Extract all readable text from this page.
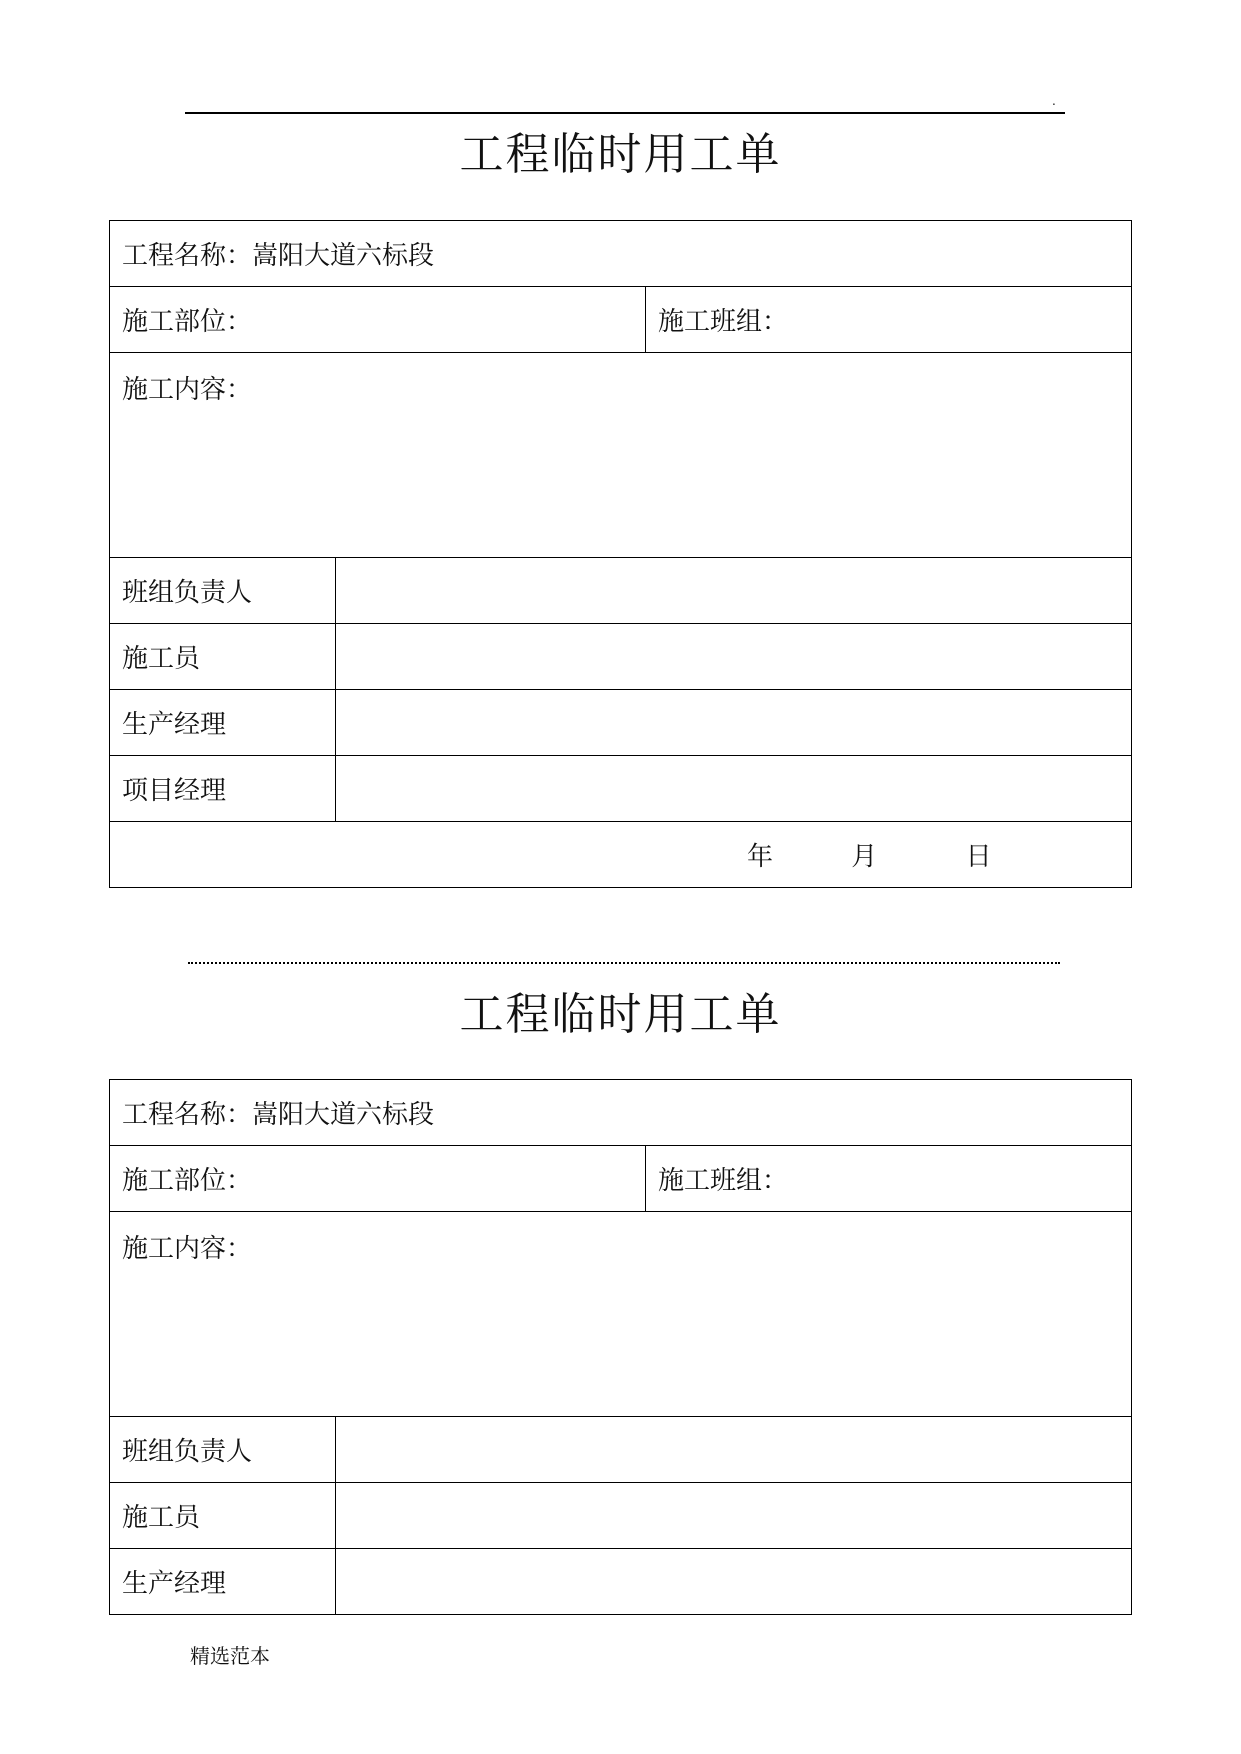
.
工程临时用工单
工程名称：嵩阳大道六标段		
施工部位：		施工班组：
施工内容：		
班组负责人		
施工员		
生产经理		
项目经理		
年 月 日		
工程临时用工单
工程名称：嵩阳大道六标段		
施工部位：		施工班组：
施工内容：		
班组负责人		
施工员		
生产经理		
精选范本
